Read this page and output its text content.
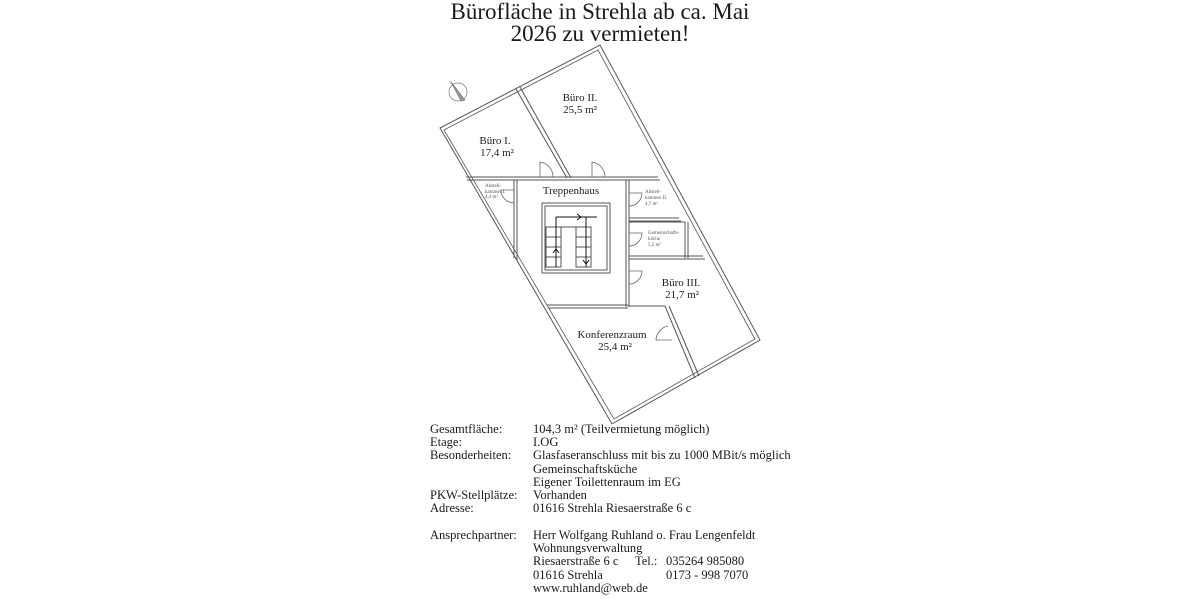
Bürofläche in Strehla ab ca. Mai
2026 zu vermieten!
N
Büro I.
17,4 m²
Büro II.
25,5 m²
Treppenhaus
Abstell-
kammer I.
4,4 m²
Abstell-
kammer II.
4,7 m²
Gemeinschafts-
küche
5,2 m²
Büro III.
21,7 m²
Konferenzraum
25,4 m²
Gesamtfläche: 104,3 m² (Teilvermietung möglich)
Etage:	I.OG
Besonderheiten: Glasfaseranschluss mit bis zu 1000 MBit/s möglich
Gemeinschaftsküche
Eigener Toilettenraum im EG
PKW-Stellplätze: Vorhanden
Adresse:	01616 Strehla Riesaerstraße 6 c
Ansprechpartner: Herr Wolfgang Ruhland o. Frau Lengenfeldt
Wohnungsverwaltung
Riesaerstraße 6 c Tel.: 035264 985080
01616 Strehla	0173 - 998 7070
www.ruhland@web.de
